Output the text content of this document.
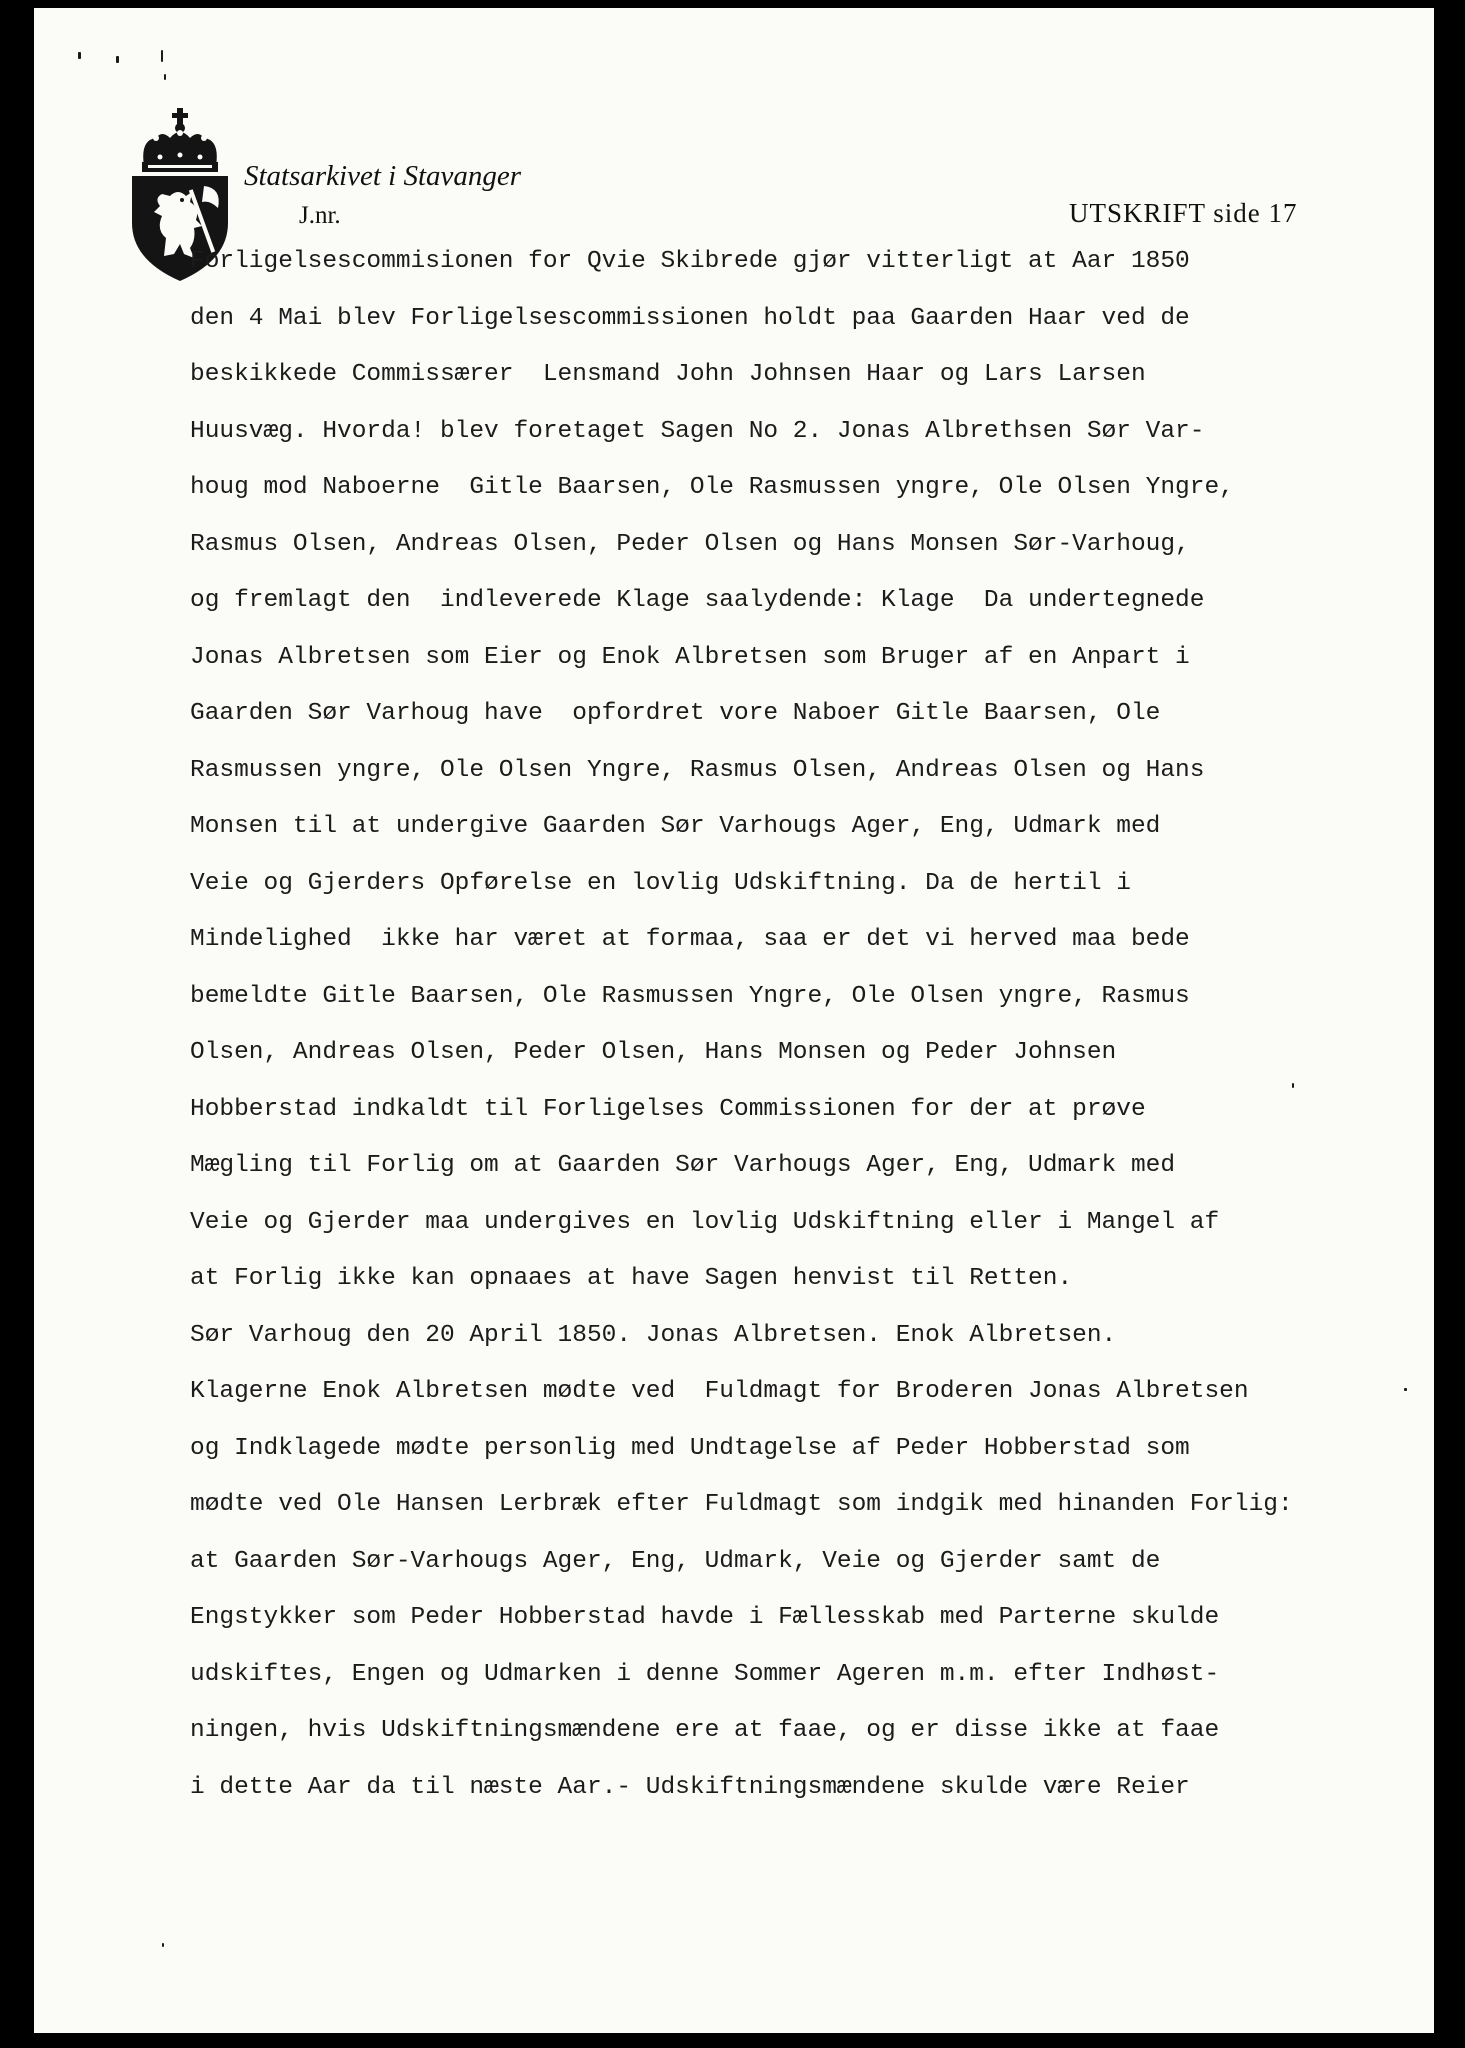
Statsarkivet i Stavanger
J.nr.	UTSKRIFT side 17
Forligelsescommisionen for Qvie Skibrede gjør vitterligt at Aar 1850
den 4 Mai blev Forligelsescommissionen holdt paa Gaarden Haar ved de
beskikkede Commissærer  Lensmand John Johnsen Haar og Lars Larsen
Huusvæg. Hvorda! blev foretaget Sagen No 2. Jonas Albrethsen Sør Var-
houg mod Naboerne  Gitle Baarsen, Ole Rasmussen yngre, Ole Olsen Yngre,
Rasmus Olsen, Andreas Olsen, Peder Olsen og Hans Monsen Sør-Varhoug,
og fremlagt den  indleverede Klage saalydende: Klage  Da undertegnede
Jonas Albretsen som Eier og Enok Albretsen som Bruger af en Anpart i
Gaarden Sør Varhoug have  opfordret vore Naboer Gitle Baarsen, Ole
Rasmussen yngre, Ole Olsen Yngre, Rasmus Olsen, Andreas Olsen og Hans
Monsen til at undergive Gaarden Sør Varhougs Ager, Eng, Udmark med
Veie og Gjerders Opførelse en lovlig Udskiftning. Da de hertil i
Mindelighed  ikke har været at formaa, saa er det vi herved maa bede
bemeldte Gitle Baarsen, Ole Rasmussen Yngre, Ole Olsen yngre, Rasmus
Olsen, Andreas Olsen, Peder Olsen, Hans Monsen og Peder Johnsen
Hobberstad indkaldt til Forligelses Commissionen for der at prøve
Mægling til Forlig om at Gaarden Sør Varhougs Ager, Eng, Udmark med
Veie og Gjerder maa undergives en lovlig Udskiftning eller i Mangel af
at Forlig ikke kan opnaaes at have Sagen henvist til Retten.
Sør Varhoug den 20 April 1850. Jonas Albretsen. Enok Albretsen.
Klagerne Enok Albretsen mødte ved  Fuldmagt for Broderen Jonas Albretsen
og Indklagede mødte personlig med Undtagelse af Peder Hobberstad som
mødte ved Ole Hansen Lerbræk efter Fuldmagt som indgik med hinanden Forlig:
at Gaarden Sør-Varhougs Ager, Eng, Udmark, Veie og Gjerder samt de
Engstykker som Peder Hobberstad havde i Fællesskab med Parterne skulde
udskiftes, Engen og Udmarken i denne Sommer Ageren m.m. efter Indhøst-
ningen, hvis Udskiftningsmændene ere at faae, og er disse ikke at faae
i dette Aar da til næste Aar.- Udskiftningsmændene skulde være Reier
